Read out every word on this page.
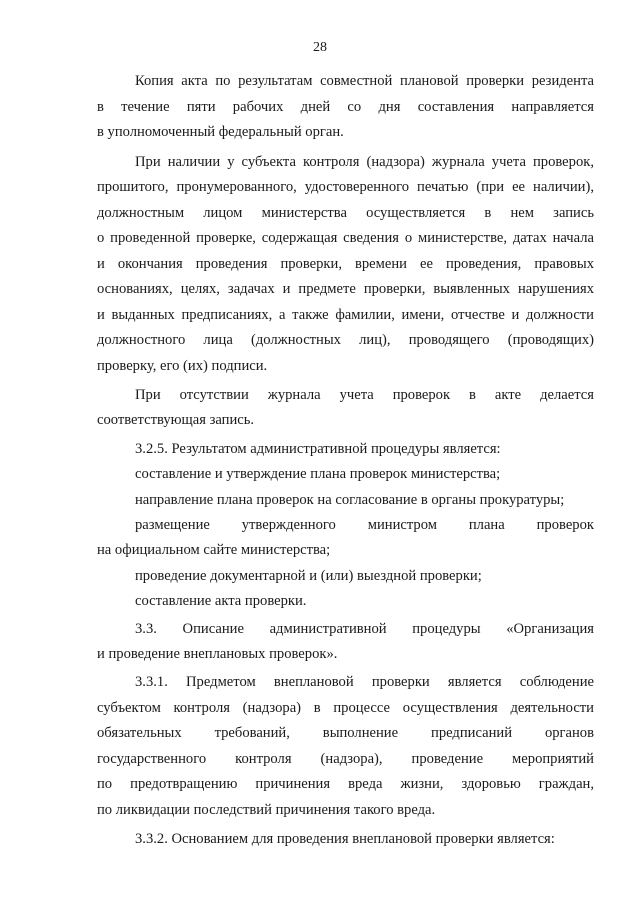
28
Копия акта по результатам совместной плановой проверки резидента
в течение пяти рабочих дней со дня составления направляется
в уполномоченный федеральный орган.
При наличии у субъекта контроля (надзора) журнала учета проверок,
прошитого, пронумерованного, удостоверенного печатью (при ее наличии),
должностным лицом министерства осуществляется в нем запись
о проведенной проверке, содержащая сведения о министерстве, датах начала
и окончания проведения проверки, времени ее проведения, правовых
основаниях, целях, задачах и предмете проверки, выявленных нарушениях
и выданных предписаниях, а также фамилии, имени, отчестве и должности
должностного лица (должностных лиц), проводящего (проводящих)
проверку, его (их) подписи.
При отсутствии журнала учета проверок в акте делается
соответствующая запись.
3.2.5. Результатом административной процедуры является:
составление и утверждение плана проверок министерства;
направление плана проверок на согласование в органы прокуратуры;
размещение утвержденного министром плана проверок
на официальном сайте министерства;
проведение документарной и (или) выездной проверки;
составление акта проверки.
3.3. Описание административной процедуры «Организация
и проведение внеплановых проверок».
3.3.1. Предметом внеплановой проверки является соблюдение
субъектом контроля (надзора) в процессе осуществления деятельности
обязательных требований, выполнение предписаний органов
государственного контроля (надзора), проведение мероприятий
по предотвращению причинения вреда жизни, здоровью граждан,
по ликвидации последствий причинения такого вреда.
3.3.2. Основанием для проведения внеплановой проверки является:
